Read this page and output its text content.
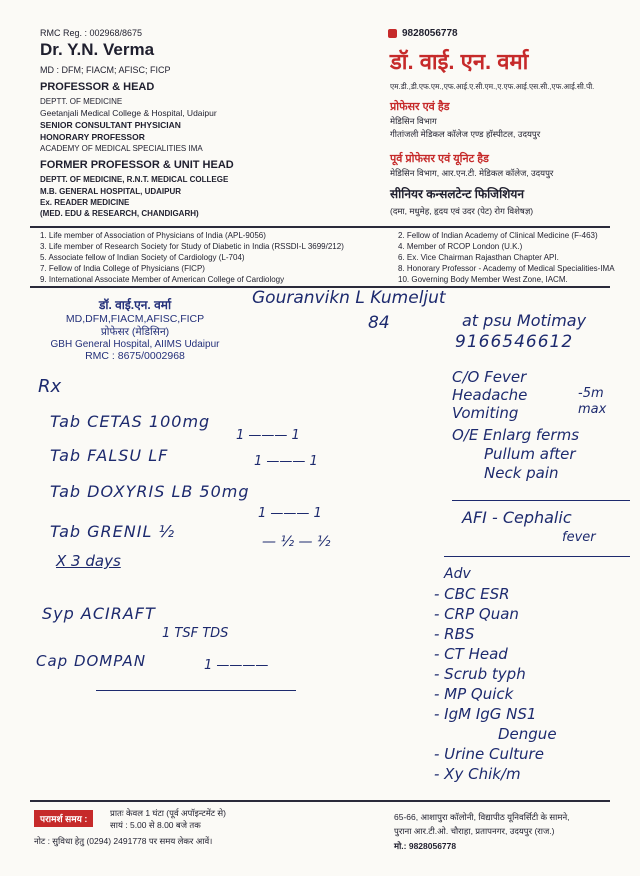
RMC Reg. : 002968/8675
Dr. Y.N. Verma
MD : DFM; FIACM; AFISC; FICP
PROFESSOR & HEAD
DEPTT. OF MEDICINE
Geetanjali Medical College & Hospital, Udaipur
SENIOR CONSULTANT PHYSICIAN
HONORARY PROFESSOR
ACADEMY OF MEDICAL SPECIALITIES IMA
FORMER PROFESSOR & UNIT HEAD
DEPTT. OF MEDICINE, R.N.T. MEDICAL COLLEGE
M.B. GENERAL HOSPITAL, UDAIPUR
Ex. READER MEDICINE
(MED. EDU & RESEARCH, CHANDIGARH)
9828056778
डॉ. वाई. एन. वर्मा
एम.डी.,डी.एफ.एम.,एफ.आई.ए.सी.एम.,ए.एफ.आई.एस.सी.,एफ.आई.सी.पी.
प्रोफेसर एवं हैड
मेडिसिन विभाग
गीतांजली मेडिकल कॉलेज एण्ड हॉस्पीटल, उदयपुर
पूर्व प्रोफेसर एवं यूनिट हैड
मेडिसिन विभाग, आर.एन.टी. मेडिकल कॉलेज, उदयपुर
सीनियर कन्सलटेन्ट फिजिशियन
(दमा, मधुमेह, हृदय एवं उदर (पेट) रोग विशेषज्ञ)
1. Life member of Association of Physicians of India (APL-9056)
3. Life member of Research Society for Study of Diabetic in India (RSSDI-L 3699/212)
5. Associate fellow of Indian Society of Cardiology (L-704)
7. Fellow of India College of Physicians (FICP)
9. International Associate Member of American College of Cardiology
2. Fellow of Indian Academy of Clinical Medicine (F-463)
4. Member of RCOP London (U.K.)
6. Ex. Vice Chairman Rajasthan Chapter API.
8. Honorary Professor - Academy of Medical Specialities-IMA
10. Governing Body Member West Zone, IACM.
डॉ. वाई.एन. वर्मा
MD,DFM,FIACM,AFISC,FICP
प्रोफेसर (मेडिसिन)
GBH General Hospital, AIIMS Udaipur
RMC : 8675/0002968
Gouranvikn L Kumeljut
84	at psu Motimay
9166546612
C/O Fever
Headache
Vomiting
-5m
max
O/E Enlarg ferms
Pullum after
Neck pain
AFI - Cephalic
fever
Rx
Tab CETAS 100mg
1 ——— 1
Tab FALSU LF	1 ——— 1
Tab DOXYRIS LB 50mg
1 ——— 1
Tab GRENIL ½
— ½ — ½
X 3 days
Syp ACIRAFT
1 TSF TDS
Cap DOMPAN	1 ————
Adv
- CBC ESR
- CRP Quan
- RBS
- CT Head
- Scrub typh
- MP Quick
- IgM IgG NS1
Dengue
- Urine Culture
- Xy Chik/m
परामर्श समय :
प्रातः केवल 1 घंटा (पूर्व अपॉइन्टमेंट से)
सायं : 5.00 से 8.00 बजे तक
नोट : सुविधा हेतु (0294) 2491778 पर समय लेकर आवें।
65-66, आशापुरा कॉलोनी, विद्यापीठ यूनिवर्सिटी के सामने,
पुराना आर.टी.ओ. चौराहा, प्रतापनगर, उदयपुर (राज.)
मो.: 9828056778
